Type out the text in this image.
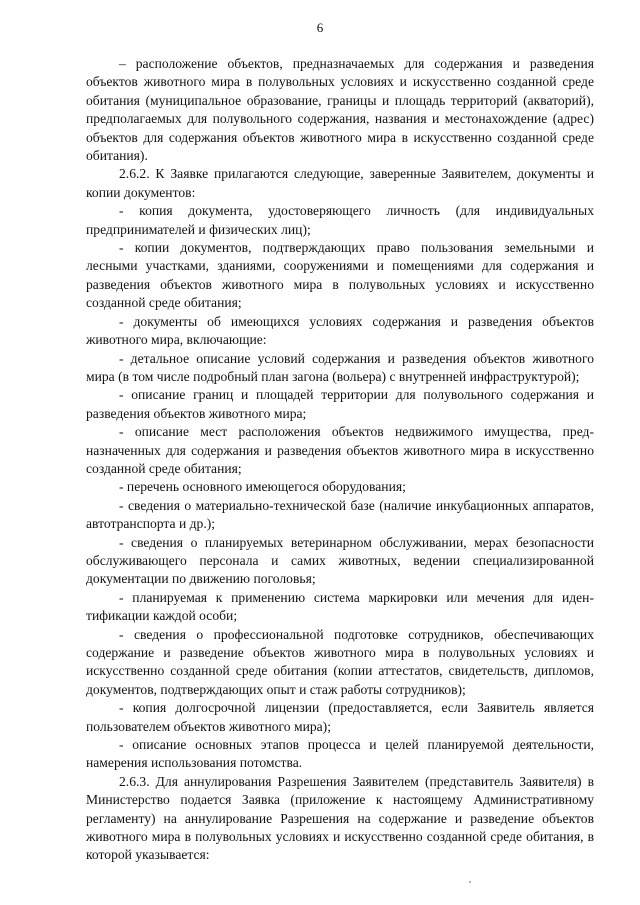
6

– расположение объектов, предназначаемых для содержания и разведения объектов животного мира в полувольных условиях и искусственно созданной среде обитания (муниципальное образование, границы и площадь территорий (акваторий), предполагаемых для полувольного содержания, названия и местонахождение (адрес) объектов для содержания объектов животного мира в искусственно созданной среде обитания).

2.6.2. К Заявке прилагаются следующие, заверенные Заявителем, документы и копии документов:

- копия документа, удостоверяющего личность (для индивидуальных предпринимателей и физических лиц);

- копии документов, подтверждающих право пользования земельными и лесными участками, зданиями, сооружениями и помещениями для содержания и разведения объектов животного мира в полувольных условиях и искусственно созданной среде обитания;

- документы об имеющихся условиях содержания и разведения объектов животного мира, включающие:

- детальное описание условий содержания и разведения объектов животного мира (в том числе подробный план загона (вольера) с внутренней инфраструктурой);

- описание границ и площадей территории для полувольного содержания и разведения объектов животного мира;

- описание мест расположения объектов недвижимого имущества, предназначенных для содержания и разведения объектов животного мира в искусственно созданной среде обитания;

- перечень основного имеющегося оборудования;

- сведения о материально-технической базе (наличие инкубационных аппаратов, автотранспорта и др.);

- сведения о планируемых ветеринарном обслуживании, мерах безопасности обслуживающего персонала и самих животных, ведении специализированной документации по движению поголовья;

- планируемая к применению система маркировки или мечения для идентификации каждой особи;

- сведения о профессиональной подготовке сотрудников, обеспечивающих содержание и разведение объектов животного мира в полувольных условиях и искусственно созданной среде обитания (копии аттестатов, свидетельств, дипломов, документов, подтверждающих опыт и стаж работы сотрудников);

- копия долгосрочной лицензии (предоставляется, если Заявитель является пользователем объектов животного мира);

- описание основных этапов процесса и целей планируемой деятельности, намерения использования потомства.

2.6.3. Для аннулирования Разрешения Заявителем (представитель Заявителя) в Министерство подается Заявка (приложение к настоящему Административному регламенту) на аннулирование Разрешения на содержание и разведение объектов животного мира в полувольных условиях и искусственно созданной среде обитания, в которой указывается:
